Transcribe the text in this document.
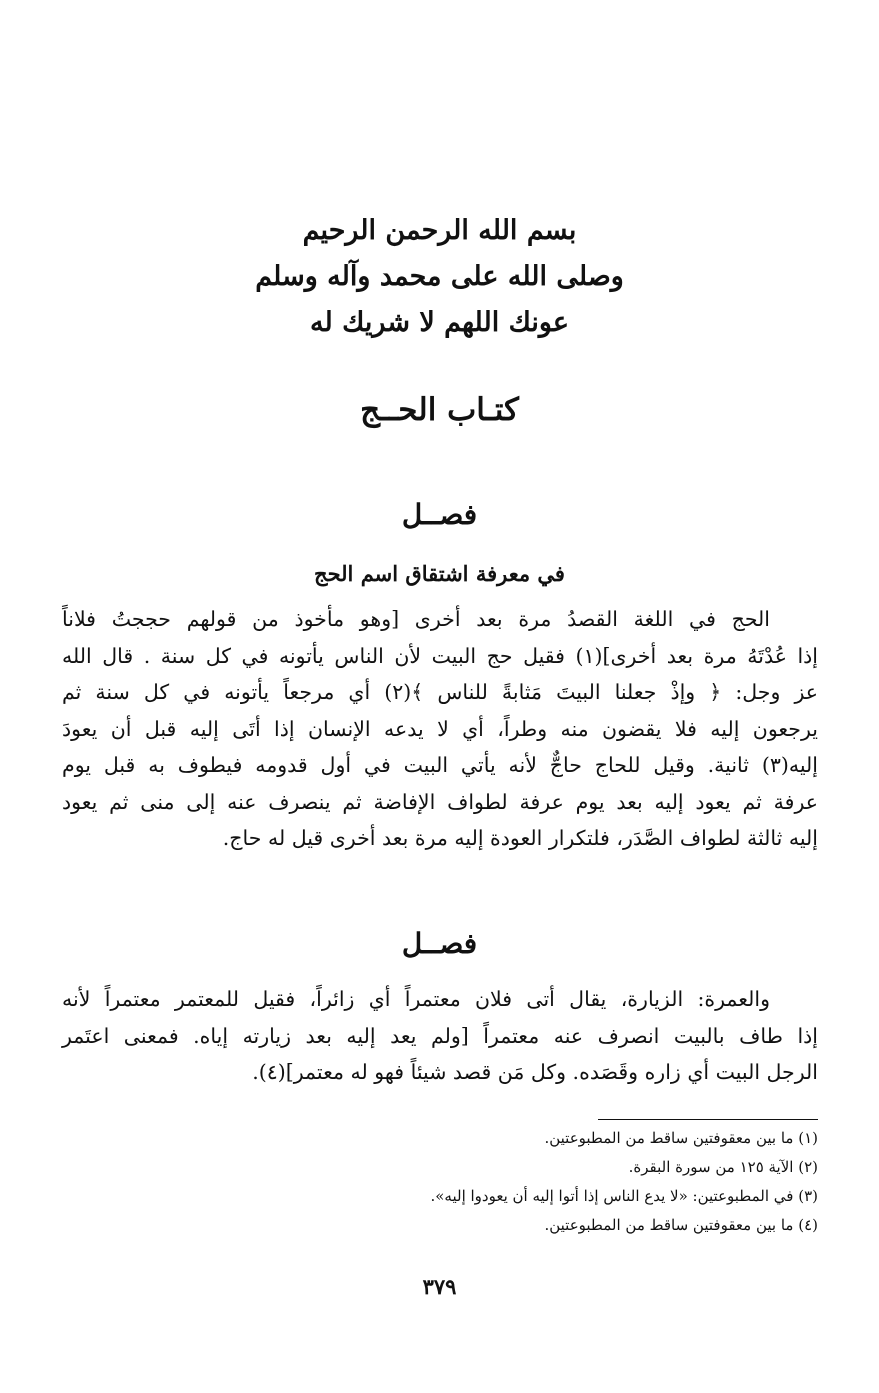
بسم الله الرحمن الرحيم
وصلى الله على محمد وآله وسلم
عونك اللهم لا شريك له
كتـاب الحــج
فصــل
في معرفة اشتقاق اسم الحج
الحج في اللغة القصدُ مرة بعد أخرى [وهو مأخوذ من قولهم حججتُ فلاناً
إذا عُدْتَهُ مرة بعد أخرى](١) فقيل حج البيت لأن الناس يأتونه في كل سنة . قال الله
عز وجل: ﴿ وإذْ جعلنا البيتَ مَثابةً للناس ﴾(٢) أي مرجعاً يأتونه في كل سنة ثم
يرجعون إليه فلا يقضون منه وطراً، أي لا يدعه الإنسان إذا أتَى إليه قبل أن يعودَ
إليه(٣) ثانية. وقيل للحاج حاجٌّ لأنه يأتي البيت في أول قدومه فيطوف به قبل يوم
عرفة ثم يعود إليه بعد يوم عرفة لطواف الإفاضة ثم ينصرف عنه إلى منى ثم يعود
إليه ثالثة لطواف الصَّدَر، فلتكرار العودة إليه مرة بعد أخرى قيل له حاج.
فصــل
والعمرة: الزيارة، يقال أتى فلان معتمراً أي زائراً، فقيل للمعتمر معتمراً لأنه
إذا طاف بالبيت انصرف عنه معتمراً [ولم يعد إليه بعد زيارته إياه. فمعنى اعتَمر
الرجل البيت أي زاره وقَصَده. وكل مَن قصد شيئاً فهو له معتمر](٤).
(١) ما بين معقوفتين ساقط من المطبوعتين.
(٢) الآية ١٢٥ من سورة البقرة.
(٣) في المطبوعتين: «لا يدع الناس إذا أتوا إليه أن يعودوا إليه».
(٤) ما بين معقوفتين ساقط من المطبوعتين.
٣٧٩
